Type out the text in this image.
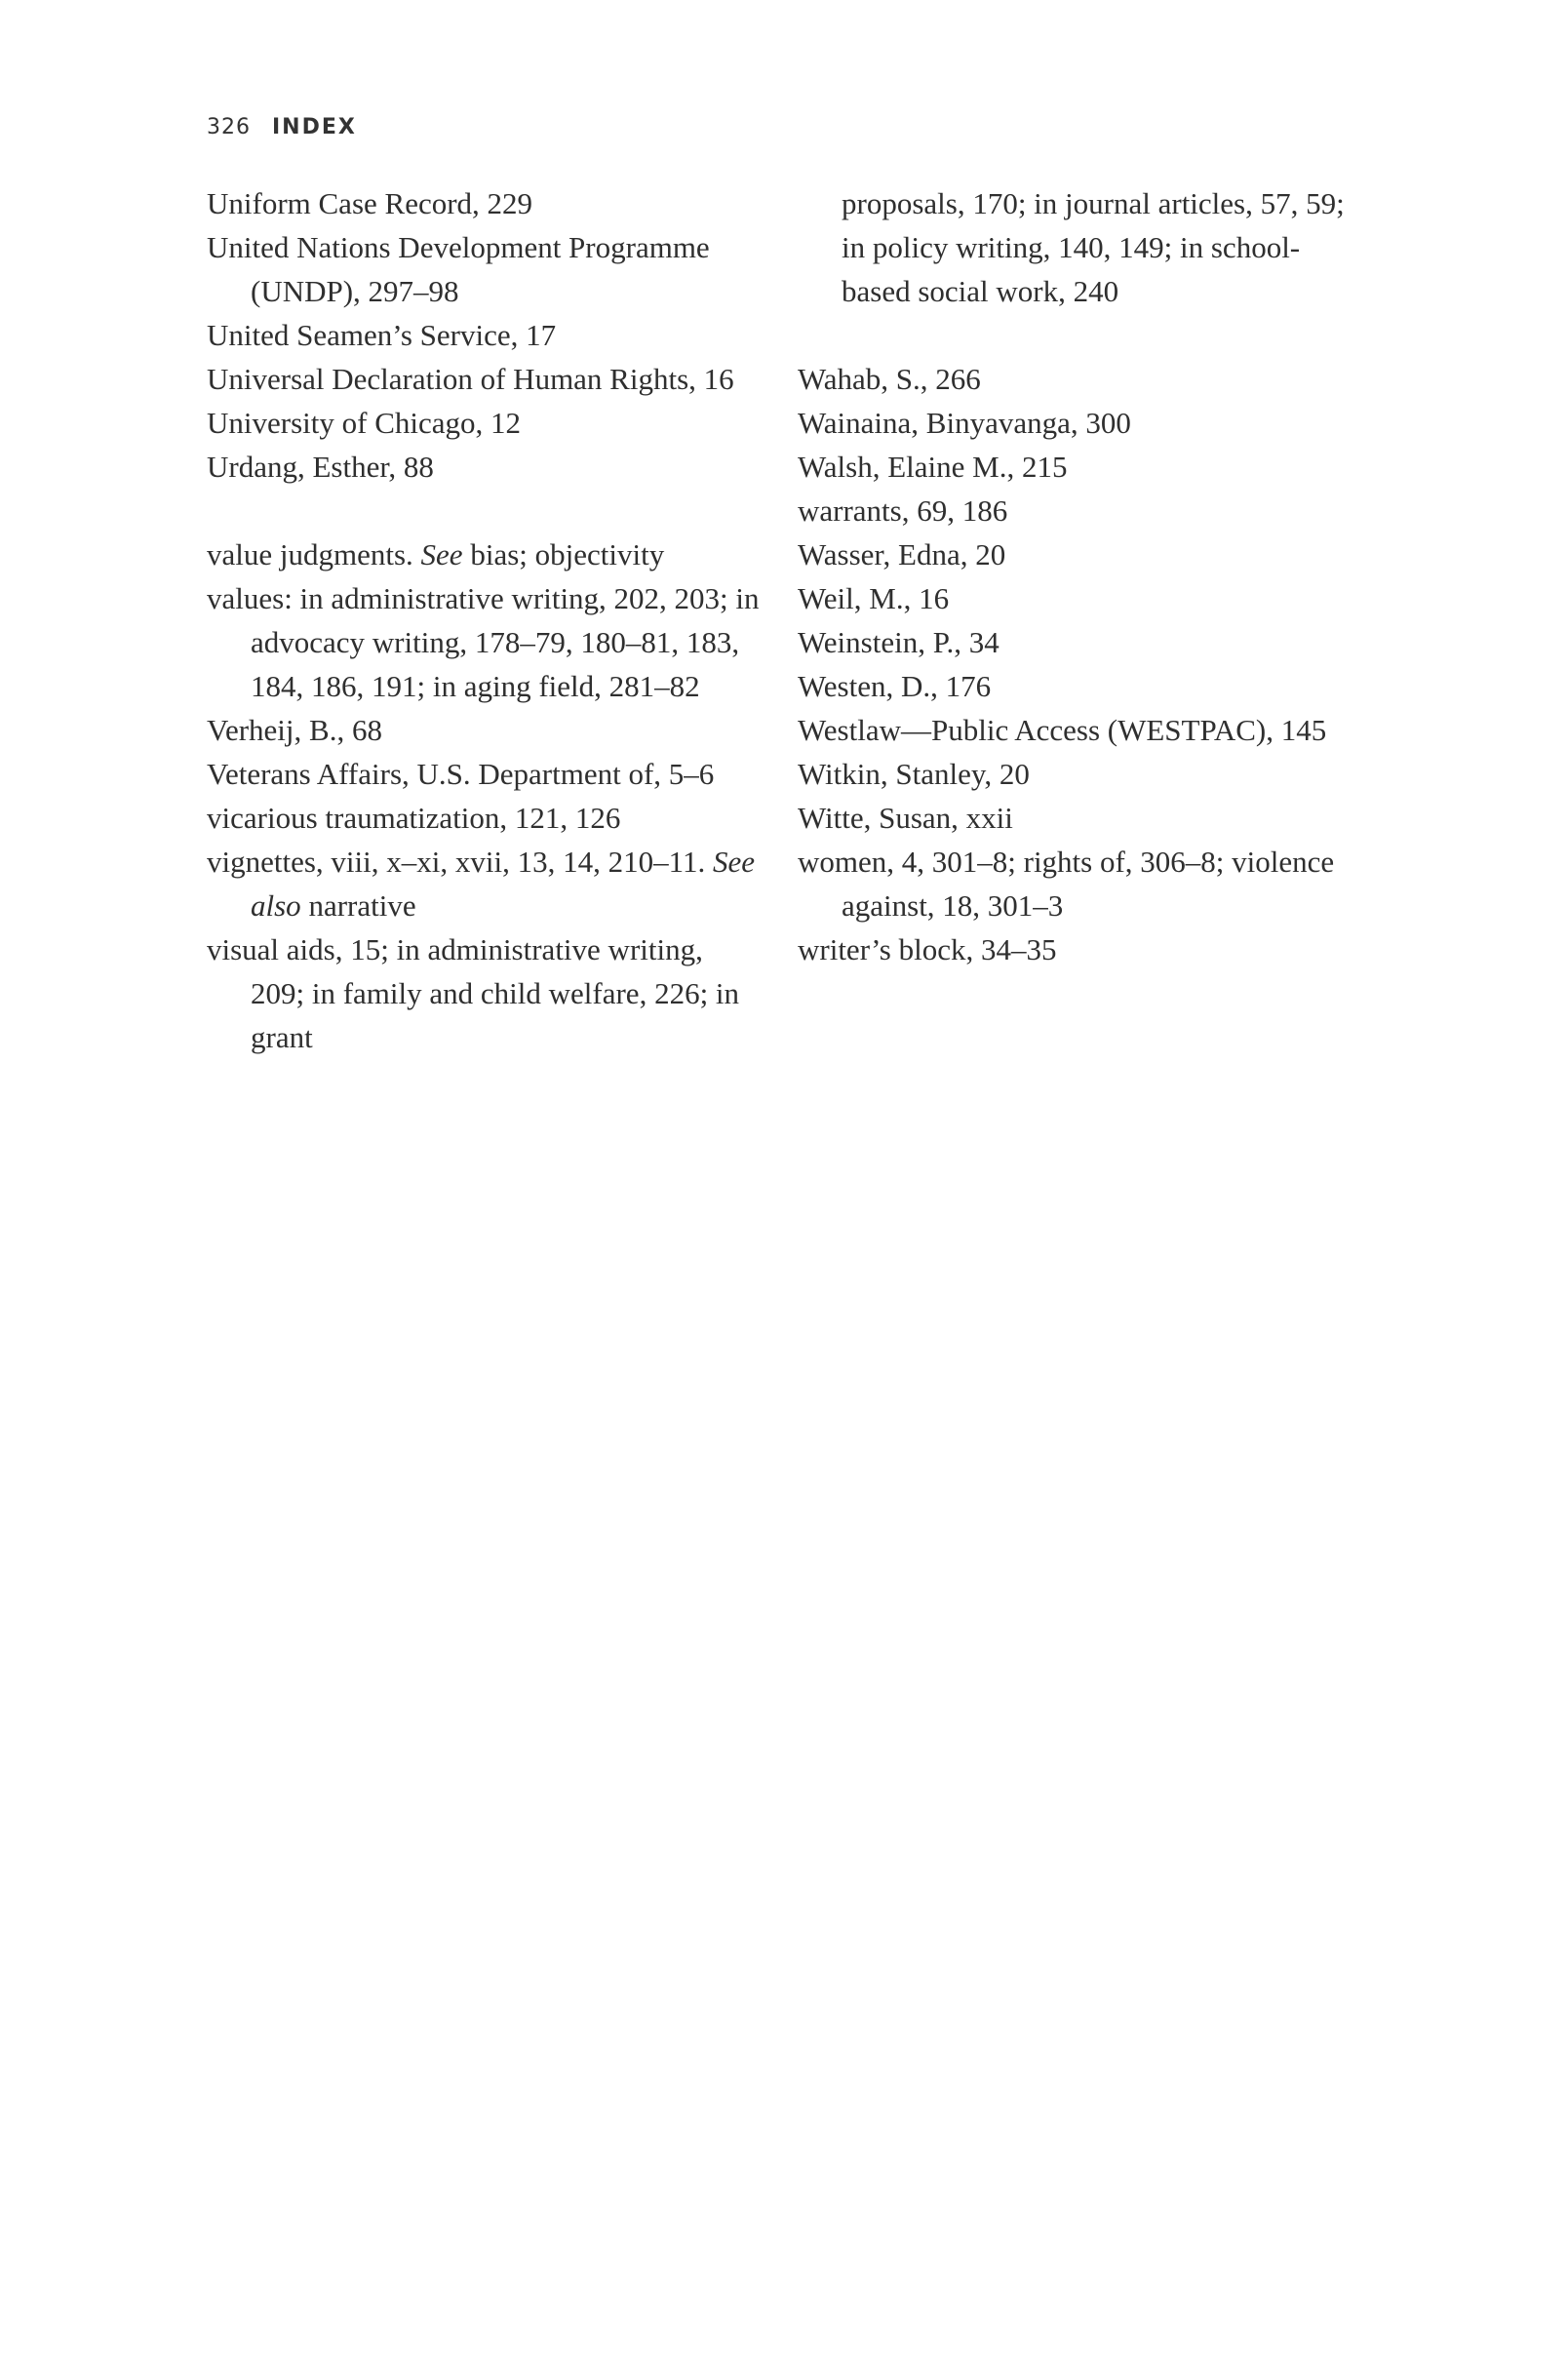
326 INDEX

Uniform Case Record, 229

United Nations Development Programme (UNDP), 297–98

United Seamen’s Service, 17

Universal Declaration of Human Rights, 16

University of Chicago, 12

Urdang, Esther, 88

value judgments. See bias; objectivity

values: in administrative writing, 202, 203; in advocacy writing, 178–79, 180–81, 183, 184, 186, 191; in aging field, 281–82

Verheij, B., 68

Veterans Affairs, U.S. Department of, 5–6

vicarious traumatization, 121, 126

vignettes, viii, x–xi, xvii, 13, 14, 210–11. See also narrative

visual aids, 15; in administrative writing, 209; in family and child welfare, 226; in grant

proposals, 170; in journal articles, 57, 59; in policy writing, 140, 149; in school-based social work, 240

Wahab, S., 266

Wainaina, Binyavanga, 300

Walsh, Elaine M., 215

warrants, 69, 186

Wasser, Edna, 20

Weil, M., 16

Weinstein, P., 34

Westen, D., 176

Westlaw—Public Access (WESTPAC), 145

Witkin, Stanley, 20

Witte, Susan, xxii

women, 4, 301–8; rights of, 306–8; violence against, 18, 301–3

writer’s block, 34–35
